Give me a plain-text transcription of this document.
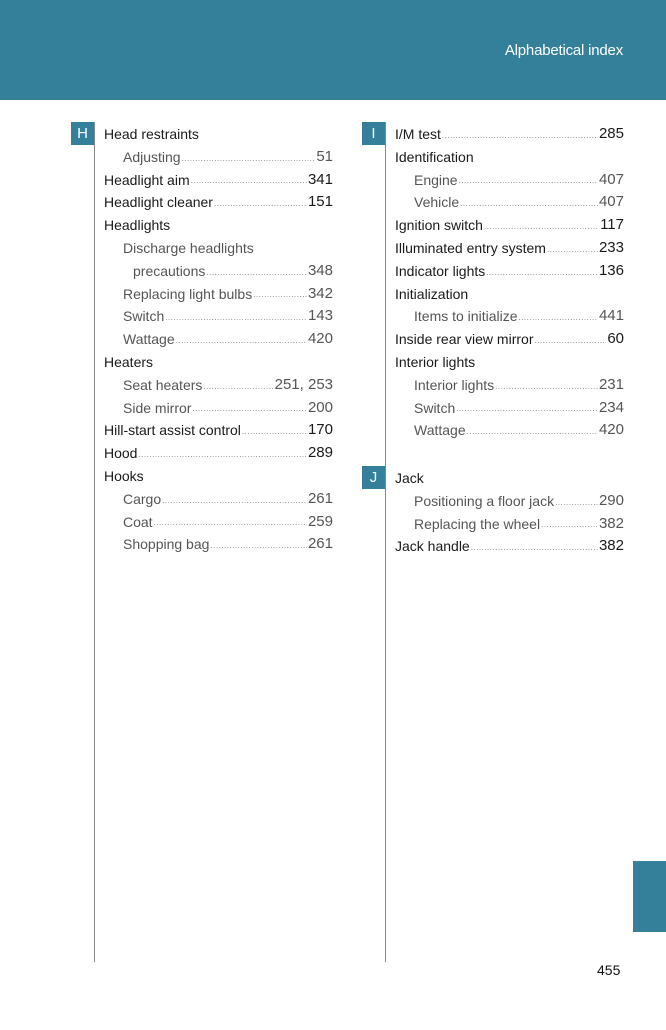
Alphabetical index
H	Head restraints
Adjusting .....	51
Headlight aim .....	341
Headlight cleaner .....	151
Headlights
Discharge headlights
precautions .....	348
Replacing light bulbs .....	342
Switch .....	143
Wattage .....	420
Heaters
Seat heaters .....	251, 253
Side mirror .....	200
Hill-start assist control .....	170
Hood .....	289
Hooks
Cargo .....	261
Coat .....	259
Shopping bag .....	261
I	I/M test .....	285
Identification
Engine .....	407
Vehicle .....	407
Ignition switch .....	117
Illuminated entry system .....	233
Indicator lights .....	136
Initialization
Items to initialize .....	441
Inside rear view mirror .....	60
Interior lights
Interior lights .....	231
Switch .....	234
Wattage .....	420
J	Jack
Positioning a floor jack .....	290
Replacing the wheel .....	382
Jack handle .....	382
455
